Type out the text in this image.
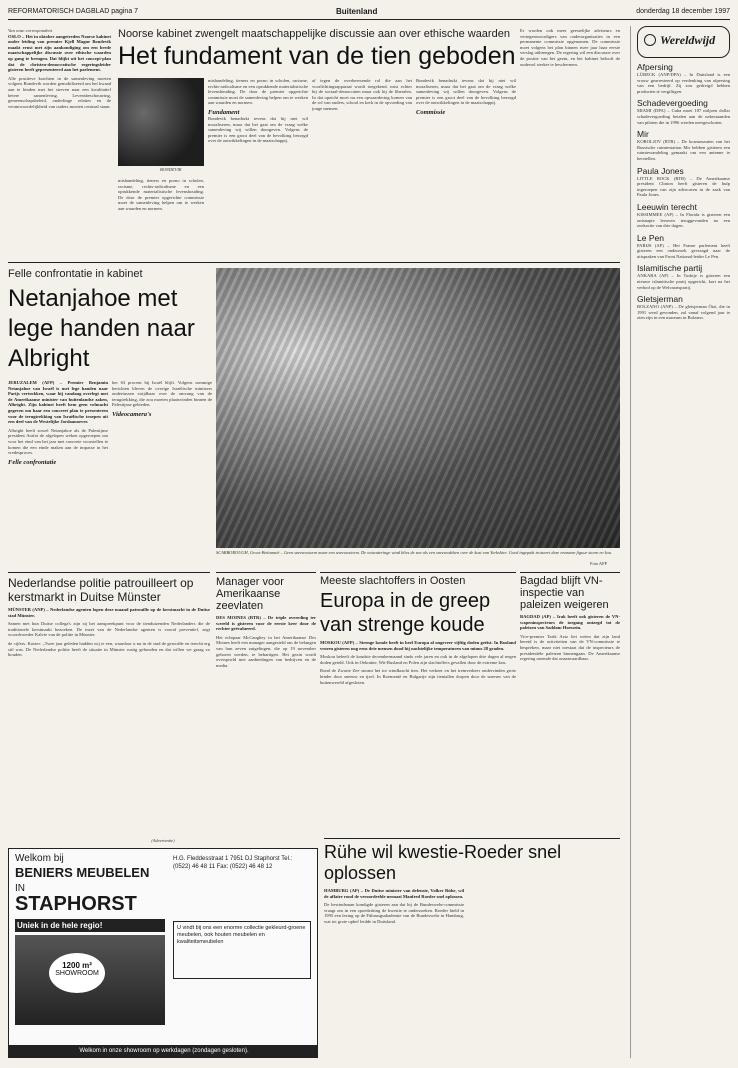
REFORMATORISCH DAGBLAD pagina 7	Buitenland	donderdag 18 december 1997
Van onze correspondent
OSLO – Het in oktober aangetreden Noorse kabinet onder leiding van premier Kjell Magne Bondevik maakt ernst met zijn aankondiging om een brede maatschappelijke discussie over ethische waarden op gang te brengen. Dat blijkt uit het concept-plan dat de christen-democratische regeringsleider gisteren heeft gepresenteerd aan het parlement.
Alle positieve krachten in de samenleving moeten volgens Bondevik worden gemobiliseerd om het kwaad aan te binden met het streven naar een kwalitatief betere samenleving. Levensbeschouwing, gemeenschapsbeleid, onderlinge relaties en de verantwoordelijkheid van ouders moeten centraal staan.
Noorse kabinet zwengelt maatschappelijke discussie aan over ethische waarden
Het fundament van de tien geboden
BONDEVIK
mishandeling, tieners en porno in scholen, racisme, rechts-radicalisme en een oprukkende materialistische levenshouding. De door de premier opgerichte commissie moet de samenleving helpen om te werken aan waarden en normen.
mishandeling, tieners en porno in scholen, racisme, rechts-radicalisme en een oprukkende materialistische levenshouding. De door de premier opgerichte commissie moet de samenleving helpen om te werken aan waarden en normen.
Fundament
Bondevik benadrukt tevens dat hij niet wil moraliseren, maar dat het gaat om de vraag welke samenleving wij willen doorgeven. Volgens de premier is een groot deel van de bevolking bezorgd over de ontwikkelingen in de maatschappij.
af tegen de overheersende rol die aan het voorlichtingsapparaat wordt toegekend, mist echter bij de sociaal-democraten maar ook bij de liberalen. In dat opzicht moet nu een opwaardering komen van de rol van ouders, school en kerk in de opvoeding van jonge mensen.
Bondevik benadrukt tevens dat hij niet wil moraliseren, maar dat het gaat om de vraag welke samenleving wij willen doorgeven. Volgens de premier is een groot deel van de bevolking bezorgd over de ontwikkelingen in de maatschappij.
Commissie
Er worden ook meer geestelijke adviseurs en vertegenwoordigers van ouderorganisaties in een permanente commissie opgenomen. De commissie moet volgens het plan binnen twee jaar haar eerste verslag uitbrengen. De regering wil een discussie over de positie van het gezin, en het kabinet belooft de ouderrol sterker te beschermen.
Felle confrontatie in kabinet
Netanjahoe met lege handen naar Albright
JERUZALEM (AFP) – Premier Benjamin Netanjahoe van Israël is met lege handen naar Parijs vertrokken, waar hij vandaag overlegt met de Amerikaanse minister van buitenlandse zaken, Albright. Zijn kabinet heeft hem geen volmacht gegeven om haar een concreet plan te presenteren voor de terugtrekking van Israëlische troepen uit een deel van de Westelijke Jordaanoever.
Albright heeft zowel Netanjahoe als de Palestijnse president Arafat de afgelopen weken opgeroepen om voor het eind van het jaar met concrete voorstellen te komen die een einde maken aan de impasse in het vredesproces.
Felle confrontatie
her 63 procent bij Israël blijft. Volgens sommige berichten bleven de overige Israëlische ministers ondertussen strijdbaar over de omvang van de terugtrekking, die zou moeten plaatsvinden binnen de Palestijnse gebieden.
Videocamera's
SCARBOROUGH, Groot-Brittannië – Geen sneeuwstorm maar een sneeuwstorm. De ontwateringe wind blies de sne als een sneeuwdeken over de kust van Yorkshire. Goed ingepakt trotseert deze eenzame figuur storm en kou.
Foto AFP
Manager voor Amerikaanse zeevlaten
DES MOINES (RTR) – De triple overeding ter wereld is gisteren voor de eerste keer door de rechter geëvalueerd.
Het echtpaar McCaughey in het Amerikaanse Des Moines heeft een manager aangesteld om de belangen van hun zeven zuigelingen, die op 19 november geboren werden, te behartigen. Het gezin wordt overspoeld met aanbiedingen van bedrijven en de media.
Nederlandse politie patrouilleert op kerstmarkt in Duitse Münster
MÜNSTER (ANP) – Nederlandse agenten lopen deze maand patrouille op de kerstmarkt in de Duitse stad Münster.
Samen met hun Duitse collega's zijn zij het aanspreekpunt voor de tienduizenden Nederlanders die de traditionele kerstmarkt bezoeken. De inzet van de Nederlandse agenten is vooral preventief, zegt woordvoerder Kalvie van de politie in Münster.
de cijfers. Kotzer: „Twee jaar geleden hadden wij te een, waardoor u nu in de stad de geroofde en terecht erg stil was. De Nederlandse politie heeft de situatie in Münster rustig gehouden en dat willen we graag zo houden.
Meeste slachtoffers in Oosten
Europa in de greep van strenge koude
MOSKOU (AFP) – Strenge koude heeft in heel Europa al ongeveer vijftig doden geëist. In Rusland vroren gisteren nog eens drie mensen dood bij nachtelijke temperaturen van minus 28 graden.
Moskou beleeft de koudste decembermaand sinds vele jaren en ook in de afgelopen drie dagen al negen doden geteld. Ook in Oekraïne, Wit-Rusland en Polen zijn slachtoffers gevallen door de extreme kou.
Rond de Zwarte Zee stormt het tot windkracht tien. Het verkeer en het treinverkeer ondervinden grote hinder door sneeuw en ijzel. In Roemenië en Bulgarije zijn tientallen dorpen door de sneeuw van de buitenwereld afgesloten.
Bagdad blijft VN-inspectie van paleizen weigeren
BAGDAD (AP) – Irak heeft ook gisteren de VN-wapeninspecteurs de toegang ontzegd tot de paleizen van Saddam Hoessein.
Vice-premier Tarik Aziz liet weten dat zijn land bereid is de activiteiten van de VN-commissie te bespreken, maar niet toestaat dat de inspecteurs de presidentiële paleizen binnengaan. De Amerikaanse regering noemde dat onaanvaardbaar.
(Advertentie)
Welkom bij
BENIERS MEUBELEN
IN
STAPHORST
Uniek in de hele regio!
1200 m²
SHOWROOM
H.G. Fleddesstraat 1 7951 DJ Staphorst Tel.: (0522) 46 48 11 Fax: (0522) 46 48 12
U vindt bij ons een enorme collectie gekleurd-groene meubelen, ook houten meubelen en kwaliteitsmeubelen
Welkom in onze showroom op werkdagen (zondagen gesloten).
Rühe wil kwestie-Roeder snel oplossen
HAMBURG (AP) – De Duitse minister van defensie, Volker Rühe, wil de affaire rond de veroordeelde neonazi Manfred Roeder snel oplossen.
De bewindsman kondigde gisteren aan dat hij de Bundeswehr-commissie vraagt om in een spoedzitting de kwestie te onderzoeken. Roeder hield in 1995 een lezing op de Führungsakademie van de Bundeswehr in Hamburg, wat tot grote ophef leidde in Duitsland.
Wereldwijd
Afpersing
LÜBECK (ANP/DPA) – In Duitsland is een vrouw gearresteerd op verdenking van afpersing van een bedrijf. Zij zou gedreigd hebben producten te vergiftigen.
Schadevergoeding
MIAMI (DPA) – Cuba moet 187 miljoen dollar schadevergoeding betalen aan de nabestaanden van piloten die in 1996 werden neergeschoten.
Mir
KOROLJOV (RTR) – De kosmonauten van het Russische ruimtestation Mir hebben gisteren een ruimtewandeling gemaakt om een antenne te herstellen.
Paula Jones
LITTLE ROCK (RTR) – De Amerikaanse president Clinton heeft gisteren de hulp ingeroepen van zijn advocaten in de zaak van Paula Jones.
Leeuwin terecht
KISSIMMEE (AP) – In Florida is gisteren een ontsnapte leeuwin teruggevonden na een zoekactie van drie dagen.
Le Pen
PARIJS (AP) – Het Franse parlement heeft gisteren een onderzoek gevraagd naar de uitspraken van Front National-leider Le Pen.
Islamitische partij
ANKARA (AP) – In Turkije is gisteren een nieuwe islamitische partij opgericht, kort na het verbod op de Welvaartspartij.
Gletsjerman
BOLZANO (ANP) – De gletsjerman Ötzi, die in 1991 werd gevonden, zal vanaf volgend jaar te zien zijn in een museum in Bolzano.
